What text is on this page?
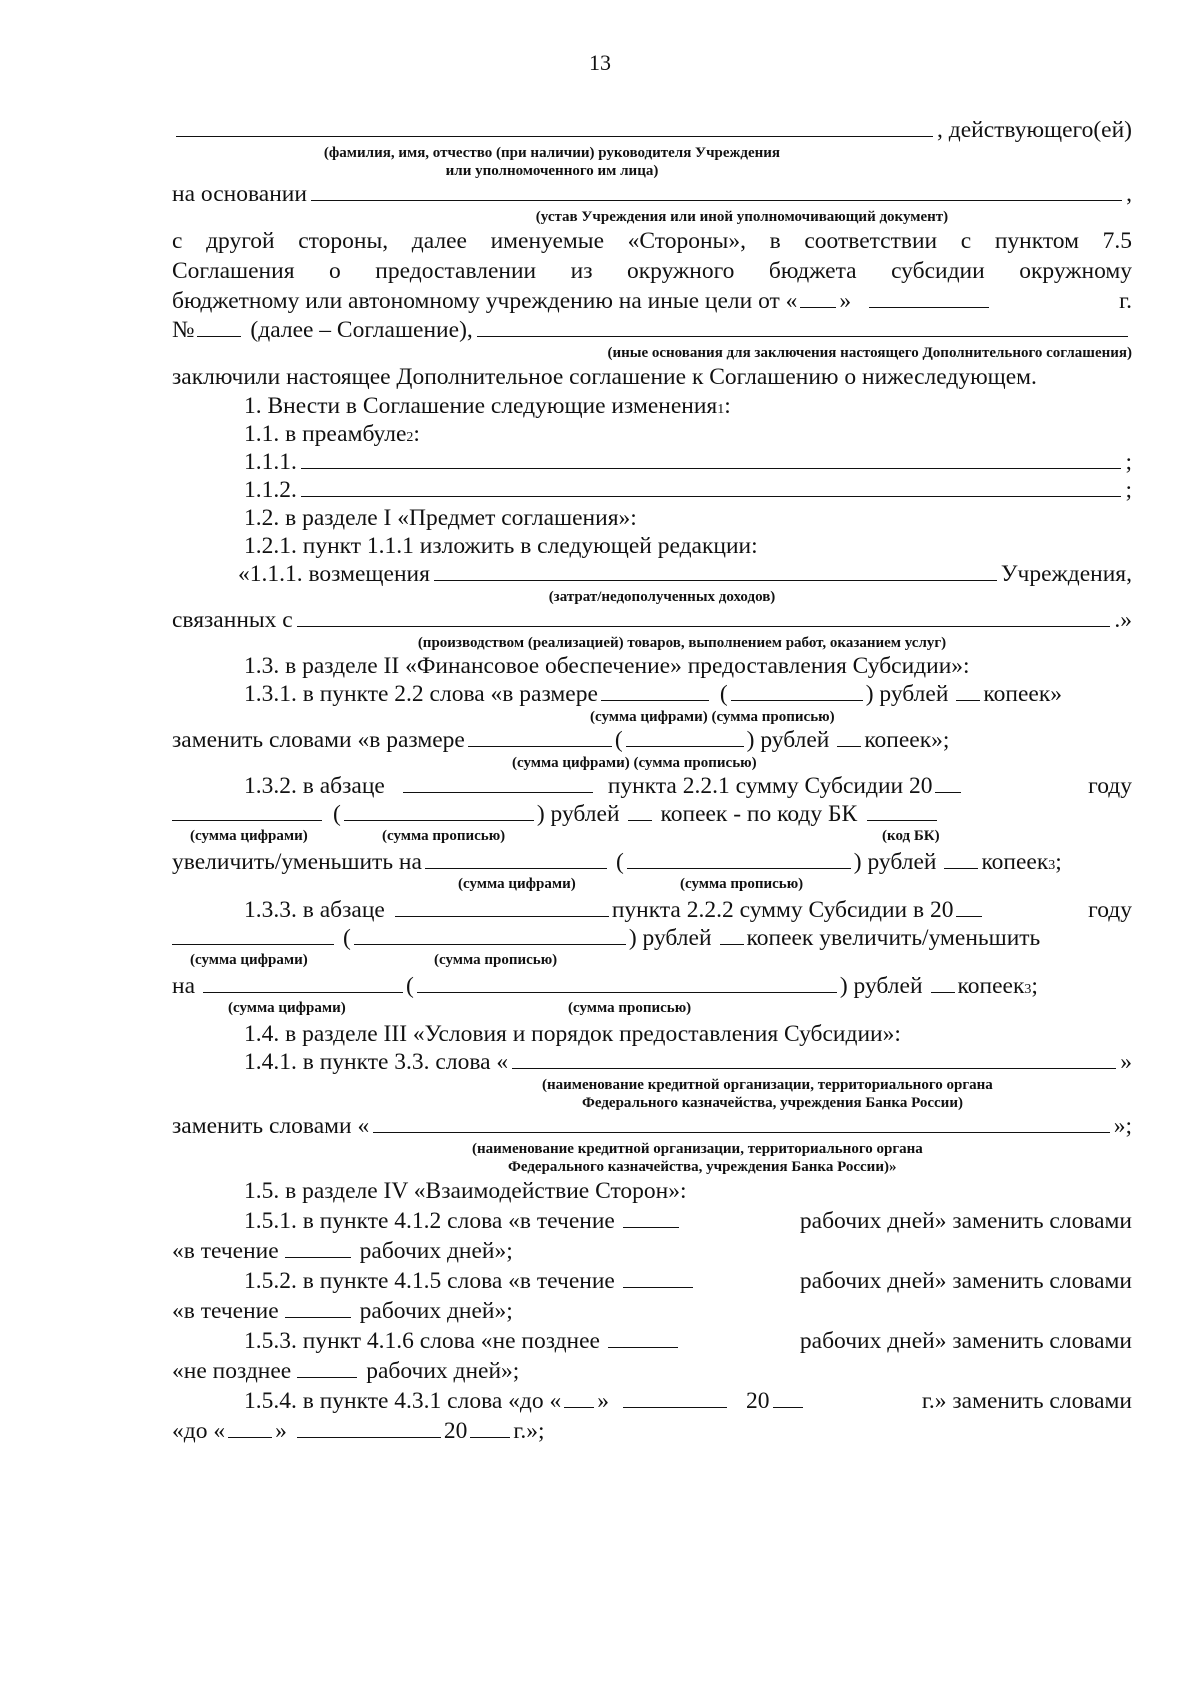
13
, действующего(ей)
(фамилия, имя, отчество (при наличии) руководителя Учреждения
или уполномоченного им лица)
на основании	,
(устав Учреждения или иной уполномочивающий документ)
с другой стороны, далее именуемые «Стороны», в соответствии с пунктом 7.5
Соглашения о предоставлении из окружного бюджета субсидии окружному
бюджетному или автономному учреждению на иные цели от « »	г.
№ (далее – Соглашение),
(иные основания для заключения настоящего Дополнительного соглашения)
заключили настоящее Дополнительное соглашение к Соглашению о нижеследующем.
1. Внести в Соглашение следующие изменения 1 :
1.1. в преамбуле 2 :
1.1.1.	;
1.1.2.	;
1.2. в разделе I «Предмет соглашения»:
1.2.1. пункт 1.1.1 изложить в следующей редакции:
«1.1.1. возмещения	Учреждения,
(затрат/недополученных доходов)
связанных с	.»
(производством (реализацией) товаров, выполнением работ, оказанием услуг)
1.3. в разделе II «Финансовое обеспечение» предоставления Субсидии»:
1.3.1. в пункте 2.2 слова «в размере	(	) рублей копеек»
(сумма цифрами) (сумма прописью)
заменить словами «в размере	(	) рублей копеек»;
(сумма цифрами) (сумма прописью)
1.3.2. в абзаце	пункта 2.2.1 сумму Субсидии 20	году
(	) рублей копеек - по коду БК
(сумма цифрами)	(сумма прописью)	(код БК)
увеличить/уменьшить на	(	) рублей копеек 3 ;
(сумма цифрами)	(сумма прописью)
1.3.3. в абзаце	пункта 2.2.2 сумму Субсидии в 20	году
(	) рублей копеек увеличить/уменьшить
(сумма цифрами)	(сумма прописью)
на	(	) рублей копеек 3 ;
(сумма цифрами)	(сумма прописью)
1.4. в разделе III «Условия и порядок предоставления Субсидии»:
1.4.1. в пункте 3.3. слова «	»
(наименование кредитной организации, территориального органа
Федерального казначейства, учреждения Банка России)
заменить словами «	»;
(наименование кредитной организации, территориального органа
Федерального казначейства, учреждения Банка России)»
1.5. в разделе IV «Взаимодействие Сторон»:
1.5.1. в пункте 4.1.2 слова «в течение	рабочих дней» заменить словами
«в течение	рабочих дней»;
1.5.2. в пункте 4.1.5 слова «в течение	рабочих дней» заменить словами
«в течение	рабочих дней»;
1.5.3. пункт 4.1.6 слова «не позднее	рабочих дней» заменить словами
«не позднее	рабочих дней»;
1.5.4. в пункте 4.3.1 слова «до « »	20	г.» заменить словами
«до « »	20 г.»;
